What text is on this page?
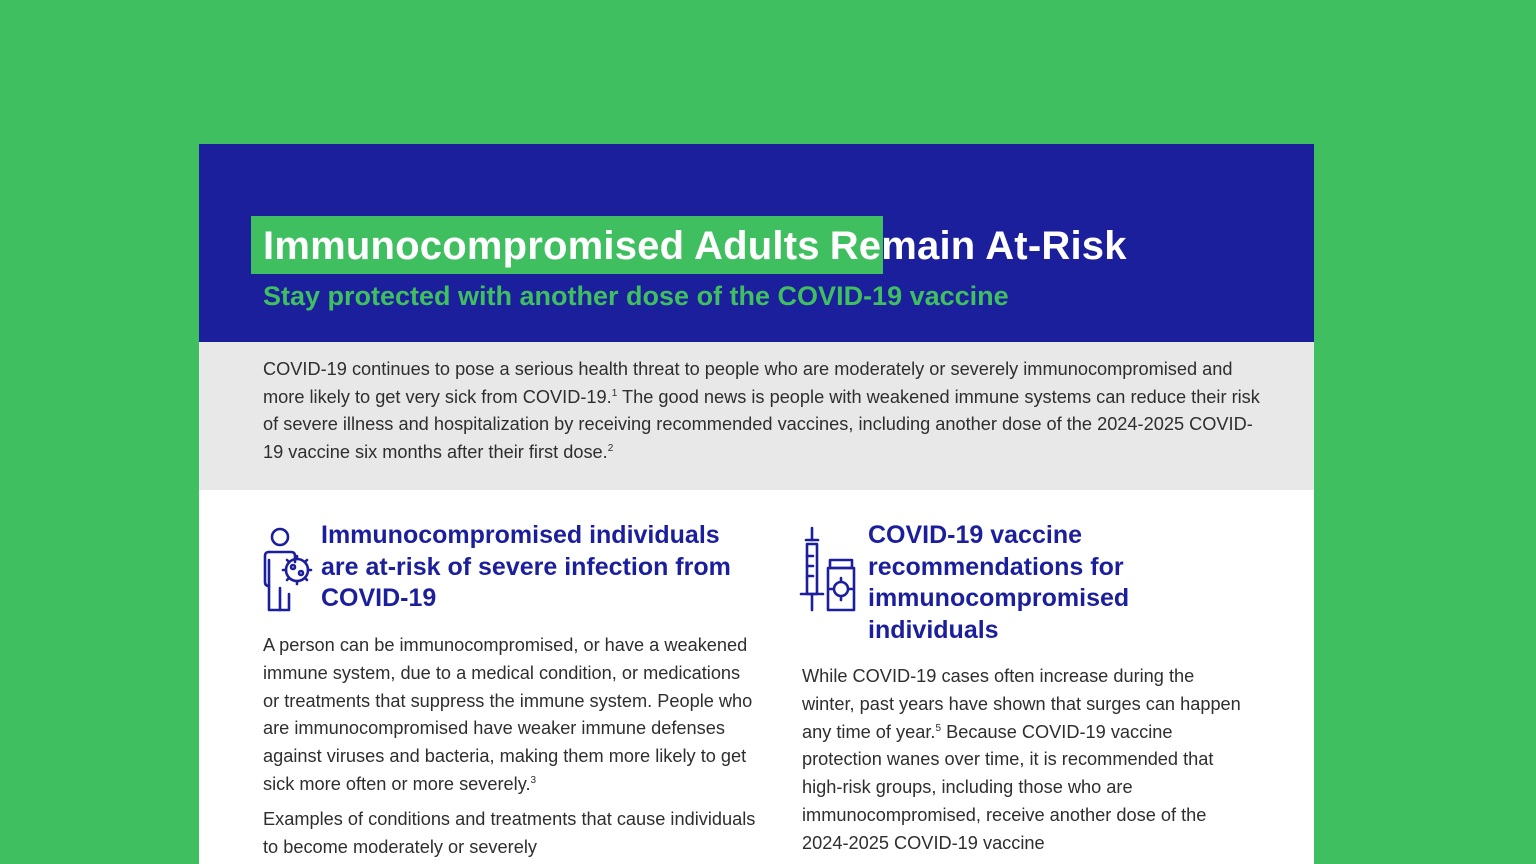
Immunocompromised Adults Remain At-Risk
Stay protected with another dose of the COVID-19 vaccine

COVID-19 continues to pose a serious health threat to people who are moderately or severely immunocompromised and more likely to get very sick from COVID-19.$^1$ The good news is people with weakened immune systems can reduce their risk of severe illness and hospitalization by receiving recommended vaccines, including another dose of the 2024-2025 COVID-19 vaccine six months after their first dose.$^2$

Immunocompromised individuals are at-risk of severe infection from COVID-19

A person can be immunocompromised, or have a weakened immune system, due to a medical condition, or medications or treatments that suppress the immune system. People who are immunocompromised have weaker immune defenses against viruses and bacteria, making them more likely to get sick more often or more severely.$^3$

Examples of conditions and treatments that cause individuals to become moderately or severely

COVID-19 vaccine recommendations for immunocompromised individuals

While COVID-19 cases often increase during the winter, past years have shown that surges can happen any time of year.$^5$ Because COVID-19 vaccine protection wanes over time, it is recommended that high-risk groups, including those who are immunocompromised, receive another dose of the 2024-2025 COVID-19 vaccine
